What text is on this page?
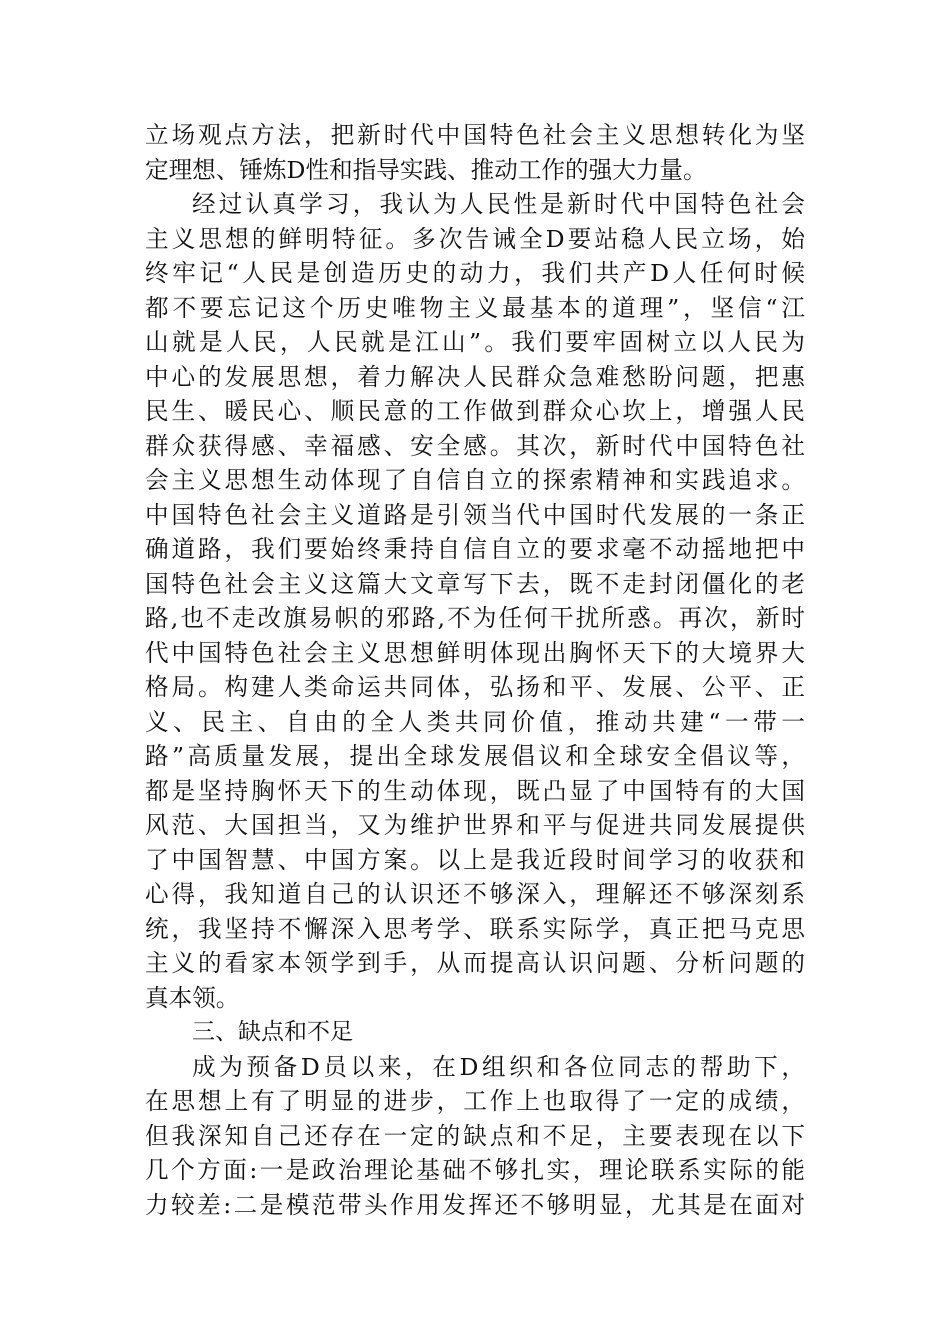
立场观点方法，把新时代中国特色社会主义思想转化为坚
定理想、锤炼D性和指导实践、推动工作的强大力量。
经过认真学习，我认为人民性是新时代中国特色社会
主义思想的鲜明特征。多次告诫全D要站稳人民立场，始
终牢记“人民是创造历史的动力，我们共产D人任何时候
都不要忘记这个历史唯物主义最基本的道理”，坚信“江
山就是人民，人民就是江山”。我们要牢固树立以人民为
中心的发展思想，着力解决人民群众急难愁盼问题，把惠
民生、暖民心、顺民意的工作做到群众心坎上，增强人民
群众获得感、幸福感、安全感。其次，新时代中国特色社
会主义思想生动体现了自信自立的探索精神和实践追求。
中国特色社会主义道路是引领当代中国时代发展的一条正
确道路，我们要始终秉持自信自立的要求毫不动摇地把中
国特色社会主义这篇大文章写下去，既不走封闭僵化的老
路,也不走改旗易帜的邪路,不为任何干扰所惑。再次，新时
代中国特色社会主义思想鲜明体现出胸怀天下的大境界大
格局。构建人类命运共同体，弘扬和平、发展、公平、正
义、民主、自由的全人类共同价值，推动共建“一带一
路”高质量发展，提出全球发展倡议和全球安全倡议等，
都是坚持胸怀天下的生动体现，既凸显了中国特有的大国
风范、大国担当，又为维护世界和平与促进共同发展提供
了中国智慧、中国方案。以上是我近段时间学习的收获和
心得，我知道自己的认识还不够深入，理解还不够深刻系
统，我坚持不懈深入思考学、联系实际学，真正把马克思
主义的看家本领学到手，从而提高认识问题、分析问题的
真本领。
三、缺点和不足
成为预备D员以来，在D组织和各位同志的帮助下，
在思想上有了明显的进步，工作上也取得了一定的成绩，
但我深知自己还存在一定的缺点和不足，主要表现在以下
几个方面:一是政治理论基础不够扎实，理论联系实际的能
力较差:二是模范带头作用发挥还不够明显，尤其是在面对
